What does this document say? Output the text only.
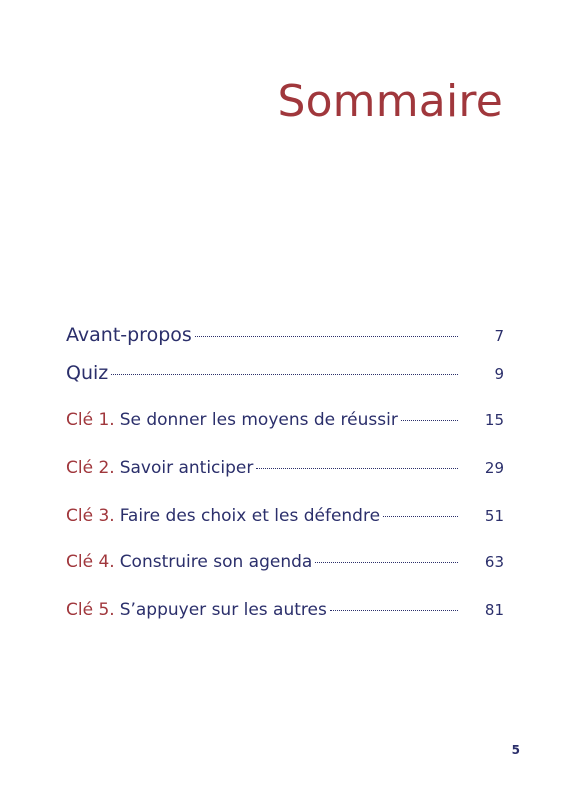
Sommaire
Avant-propos	7
Quiz	9
Clé 1. Se donner les moyens de réussir	15
Clé 2. Savoir anticiper	29
Clé 3. Faire des choix et les défendre	51
Clé 4. Construire son agenda	63
Clé 5. S’appuyer sur les autres	81
5
